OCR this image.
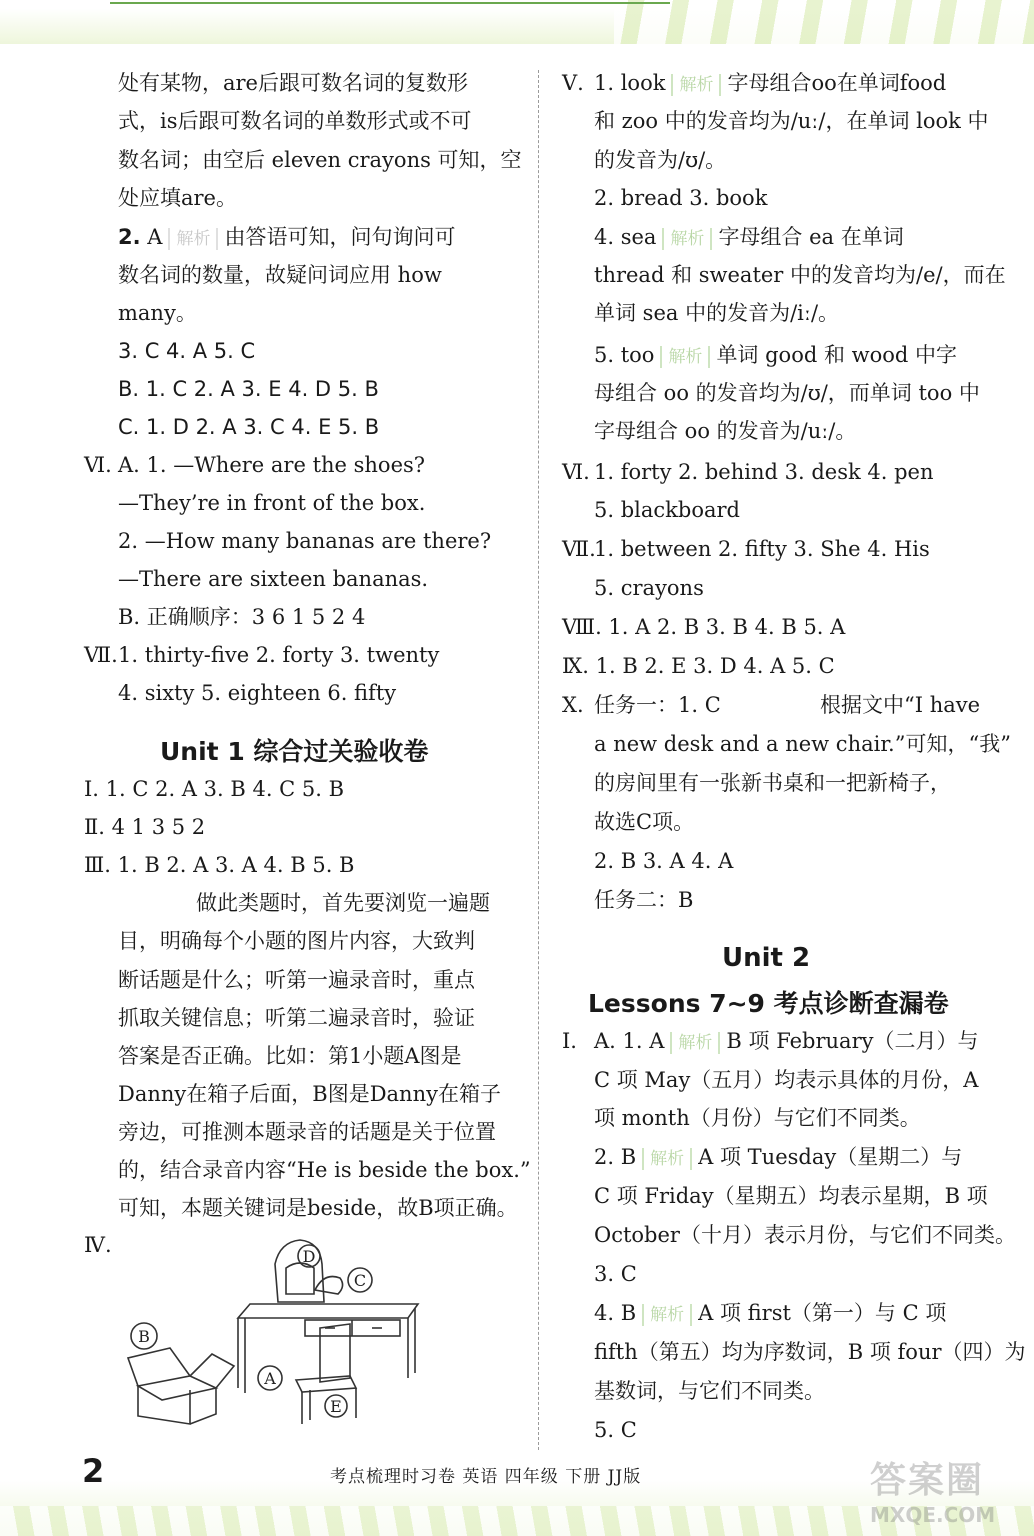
处有某物，are后跟可数名词的复数形
式，is后跟可数名词的单数形式或不可
数名词；由空后 eleven crayons 可知，空
处应填are。
2. A 解析 由答语可知，问句询问可
数名词的数量，故疑问词应用 how
many。
3. C 4. A 5. C
B. 1. C 2. A 3. E 4. D 5. B
C. 1. D 2. A 3. C 4. E 5. B
Ⅵ. A. 1. —Where are the shoes?
—They’re in front of the box.
2. —How many bananas are there?
—There are sixteen bananas.
B. 正确顺序：3 6 1 5 2 4
Ⅶ. 1. thirty-five 2. forty 3. twenty
4. sixty 5. eighteen 6. fifty
Unit 1 综合过关验收卷
Ⅰ. 1. C 2. A 3. B 4. C 5. B
Ⅱ. 4 1 3 5 2
Ⅲ. 1. B 2. A 3. A 4. B 5. B
做此类题时，首先要浏览一遍题
目，明确每个小题的图片内容，大致判
断话题是什么；听第一遍录音时，重点
抓取关键信息；听第二遍录音时，验证
答案是否正确。比如：第1小题A图是
Danny在箱子后面，B图是Danny在箱子
旁边，可推测本题录音的话题是关于位置
的，结合录音内容“He is beside the box.”
可知，本题关键词是beside，故B项正确。
Ⅳ.	D
C
B
A
E
Ⅴ. 1. look 解析 字母组合oo在单词food
和 zoo 中的发音均为/uː/，在单词 look 中
的发音为/ʊ/。
2. bread 3. book
4. sea 解析 字母组合 ea 在单词
thread 和 sweater 中的发音均为/e/，而在
单词 sea 中的发音为/iː/。
5. too 解析 单词 good 和 wood 中字
母组合 oo 的发音均为/ʊ/，而单词 too 中
字母组合 oo 的发音为/uː/。
Ⅵ. 1. forty 2. behind 3. desk 4. pen
5. blackboard
Ⅶ.
1. between 2. fifty 3. She 4. His
5. crayons
Ⅷ. 1. A 2. B 3. B 4. B 5. A
Ⅸ. 1. B 2. E 3. D 4. A 5. C
Ⅹ. 任务一：1. C	根据文中“I have
a new desk and a new chair.”可知，“我”
的房间里有一张新书桌和一把新椅子，
故选C项。
2. B 3. A 4. A
任务二：B
Unit 2
Lessons 7~9 考点诊断查漏卷
Ⅰ. A. 1. A 解析 B 项 February（二月）与
C 项 May（五月）均表示具体的月份，A
项 month（月份）与它们不同类。
2. B 解析 A 项 Tuesday（星期二）与
C 项 Friday（星期五）均表示星期，B 项
October（十月）表示月份，与它们不同类。
3. C
4. B 解析 A 项 first（第一）与 C 项
fifth（第五）均为序数词，B 项 four（四）为
基数词，与它们不同类。
5. C
2	考点梳理时习卷 英语 四年级 下册 JJ版	答案圈
MXQE.COM
